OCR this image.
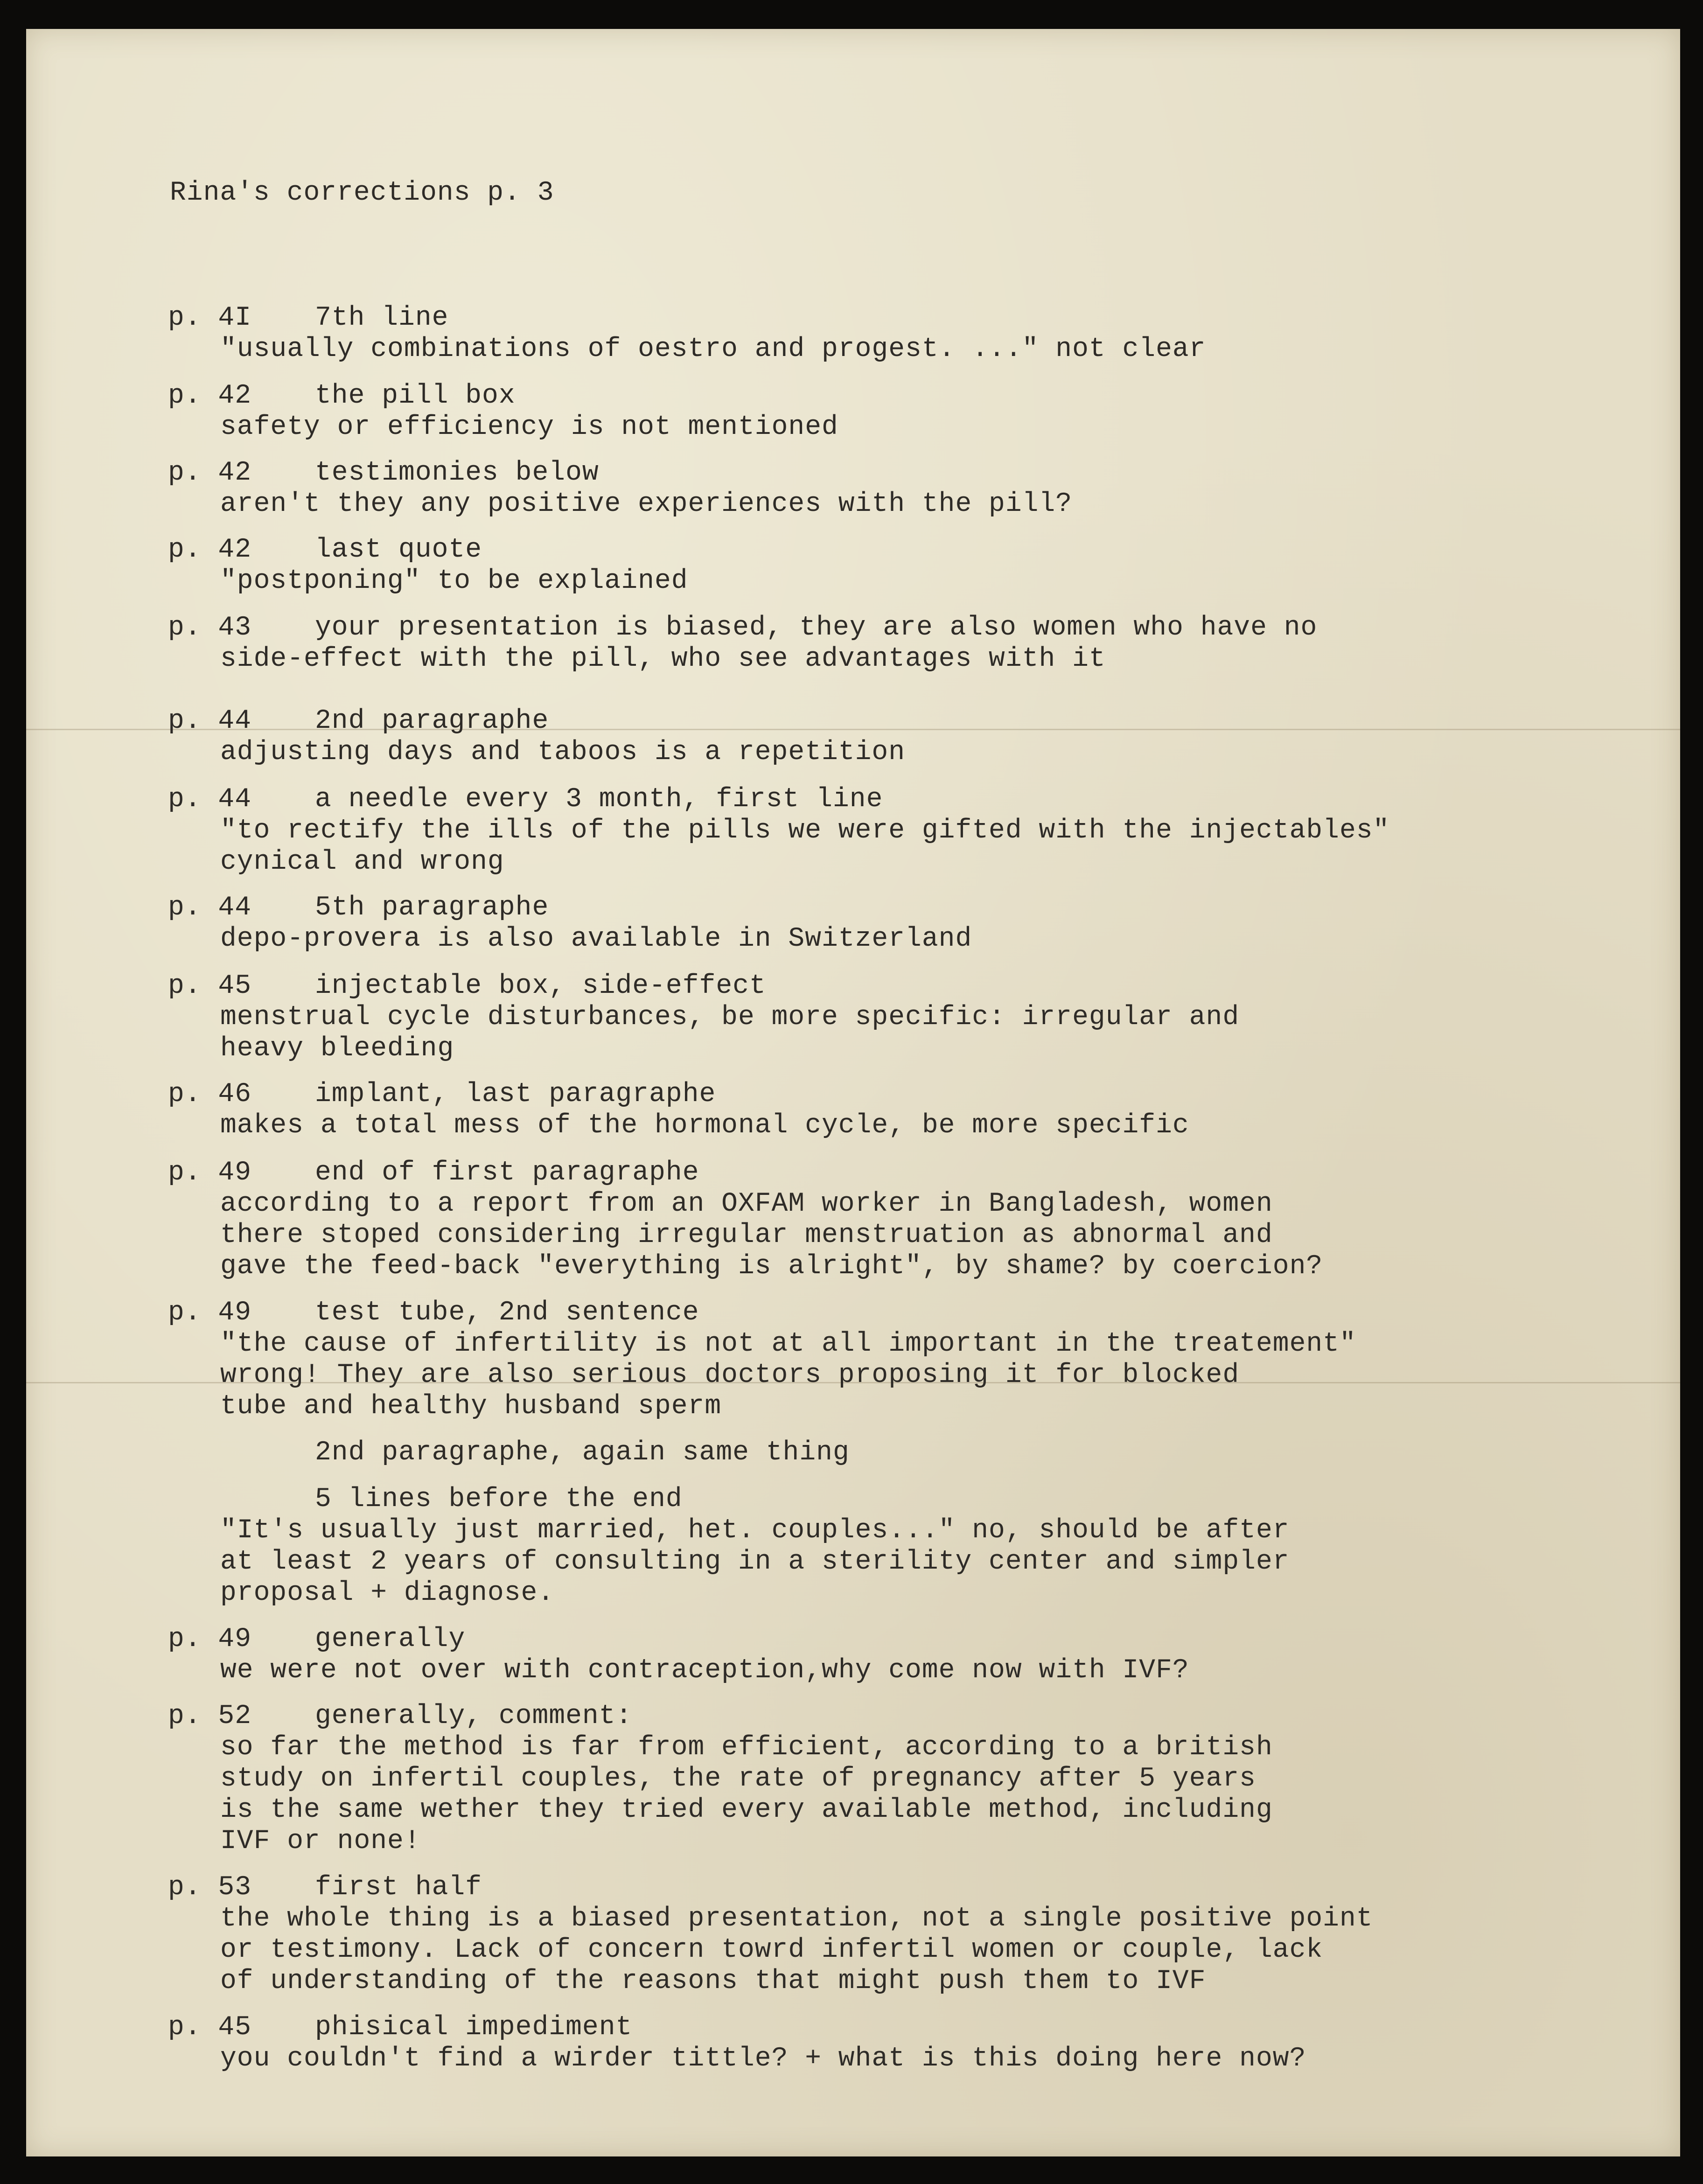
Rina's corrections p. 3
p. 4I 7th line
"usually combinations of oestro and progest. ..." not clear
p. 42 the pill box
safety or efficiency is not mentioned
p. 42 testimonies below
aren't they any positive experiences with the pill?
p. 42 last quote
"postponing" to be explained
p. 43 your presentation is biased, they are also women who have no
side-effect with the pill, who see advantages with it
p. 44 2nd paragraphe
adjusting days and taboos is a repetition
p. 44 a needle every 3 month, first line
"to rectify the ills of the pills we were gifted with the injectables"
cynical and wrong
p. 44 5th paragraphe
depo-provera is also available in Switzerland
p. 45 injectable box, side-effect
menstrual cycle disturbances, be more specific: irregular and
heavy bleeding
p. 46 implant, last paragraphe
makes a total mess of the hormonal cycle, be more specific
p. 49 end of first paragraphe
according to a report from an OXFAM worker in Bangladesh, women
there stoped considering irregular menstruation as abnormal and
gave the feed-back "everything is alright", by shame? by coercion?
p. 49 test tube, 2nd sentence
"the cause of infertility is not at all important in the treatement"
wrong! They are also serious doctors proposing it for blocked
tube and healthy husband sperm
2nd paragraphe, again same thing
5 lines before the end
"It's usually just married, het. couples..." no, should be after
at least 2 years of consulting in a sterility center and simpler
proposal + diagnose.
p. 49 generally
we were not over with contraception,why come now with IVF?
p. 52 generally, comment:
so far the method is far from efficient, according to a british
study on infertil couples, the rate of pregnancy after 5 years
is the same wether they tried every available method, including
IVF or none!
p. 53 first half
the whole thing is a biased presentation, not a single positive point
or testimony. Lack of concern towrd infertil women or couple, lack
of understanding of the reasons that might push them to IVF
p. 45 phisical impediment
you couldn't find a wirder tittle? + what is this doing here now?
